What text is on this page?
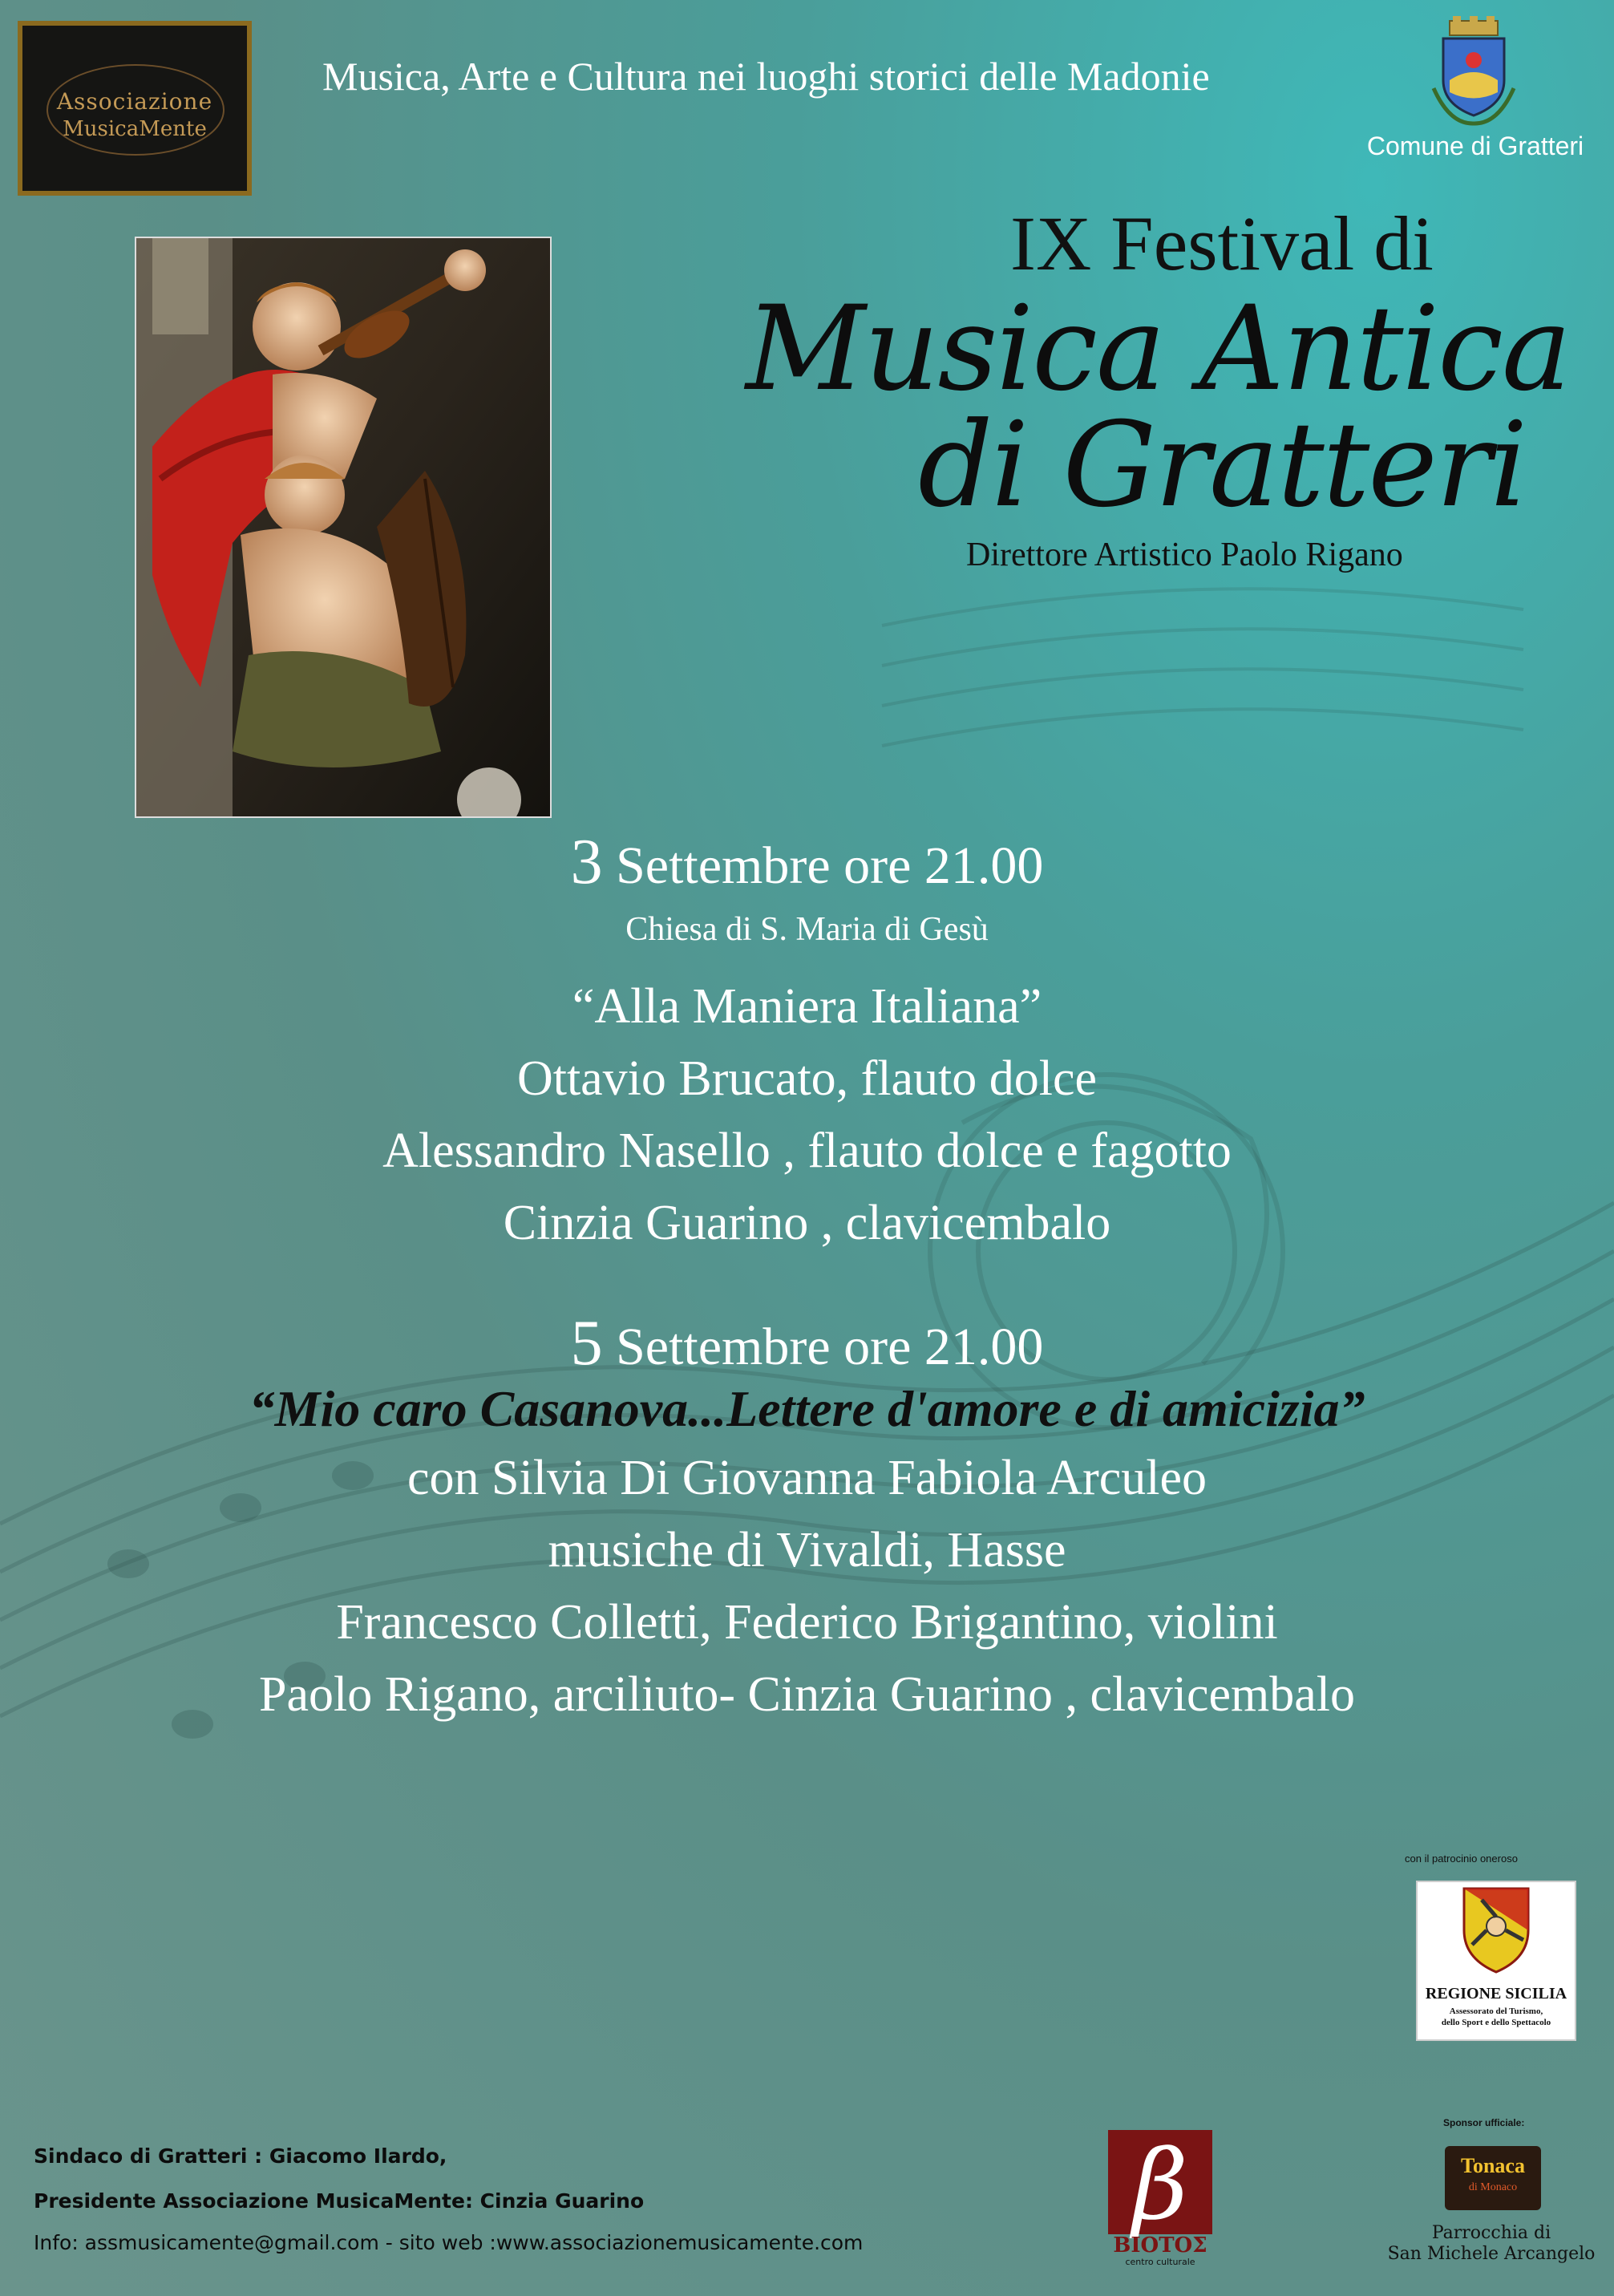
Associazione
MusicaMente
Musica, Arte e Cultura nei luoghi storici delle Madonie
Comune di Gratteri
IX Festival di
Musica Antica
di Gratteri
Direttore Artistico Paolo Rigano
3 Settembre ore 21.00
Chiesa di S. Maria di Gesù
“Alla Maniera Italiana”
Ottavio Brucato, flauto dolce
Alessandro Nasello , flauto dolce e fagotto
Cinzia Guarino , clavicembalo
5 Settembre ore 21.00
“Mio caro Casanova...Lettere d'amore e di amicizia”
con Silvia Di Giovanna Fabiola Arculeo
musiche di Vivaldi, Hasse
Francesco Colletti, Federico Brigantino, violini
Paolo Rigano, arciliuto- Cinzia Guarino , clavicembalo
con il patrocinio oneroso
REGIONE SICILIA
Assessorato del Turismo,
dello Sport e dello Spettacolo
Sindaco di Gratteri : Giacomo Ilardo,
Presidente Associazione MusicaMente: Cinzia Guarino
Info: assmusicamente@gmail.com - sito web :www.associazionemusicamente.com
β
ΒΙΟΤΟΣ
centro culturale
Sponsor ufficiale:
Tonaca
di Monaco
Parrocchia di
San Michele Arcangelo
